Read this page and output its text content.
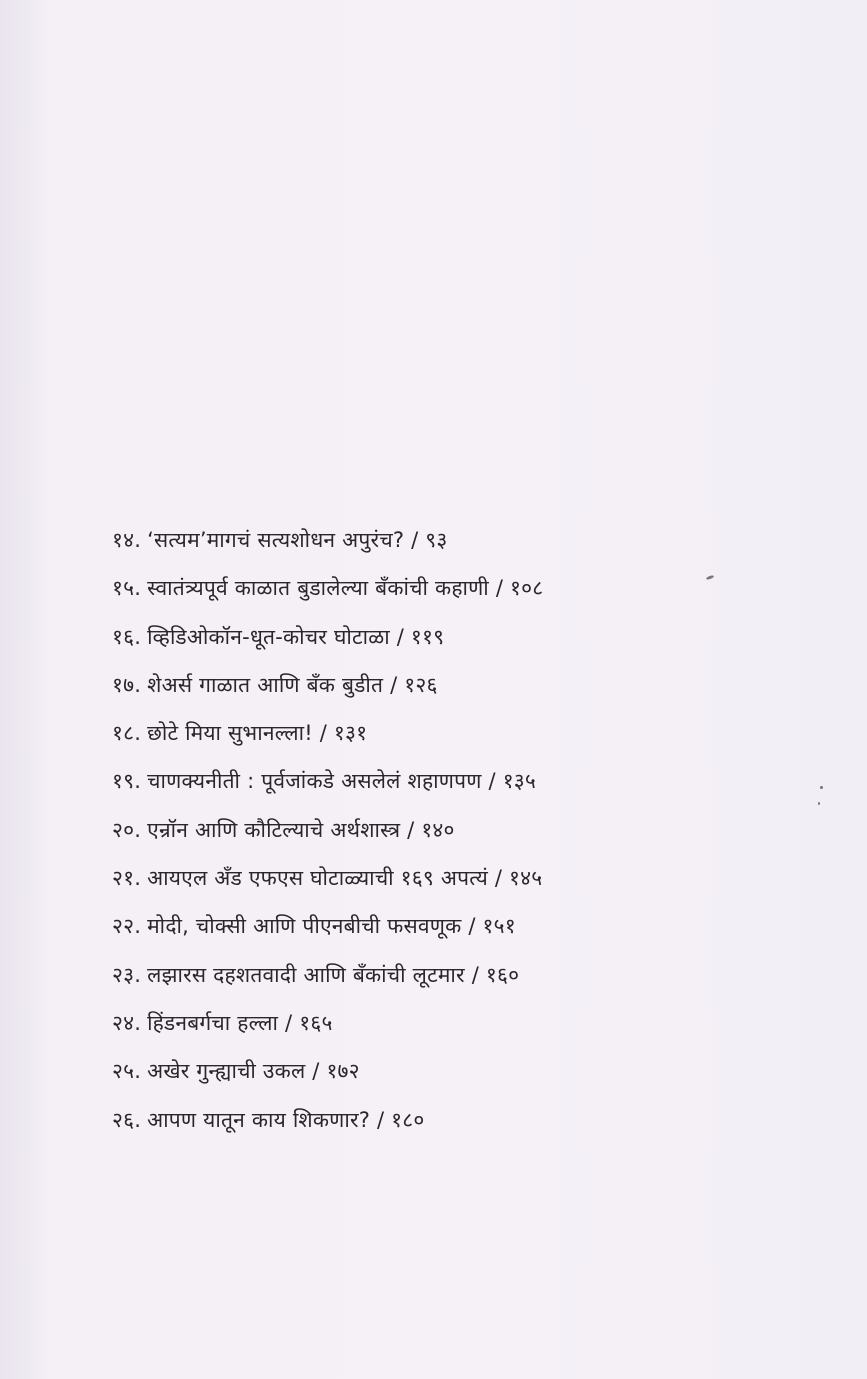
१४. ‘सत्यम’मागचं सत्यशोधन अपुरंच? / ९३
१५. स्वातंत्र्यपूर्व काळात बुडालेल्या बँकांची कहाणी / १०८
१६. व्हिडिओकॉन-धूत-कोचर घोटाळा / ११९
१७. शेअर्स गाळात आणि बँक बुडीत / १२६
१८. छोटे मिया सुभानल्ला! / १३१
१९. चाणक्यनीती : पूर्वजांकडे असलेलं शहाणपण / १३५
२०. एन्रॉन आणि कौटिल्याचे अर्थशास्त्र / १४०
२१. आयएल अँड एफएस घोटाळ्याची १६९ अपत्यं / १४५
२२. मोदी, चोक्सी आणि पीएनबीची फसवणूक / १५१
२३. लझारस दहशतवादी आणि बँकांची लूटमार / १६०
२४. हिंडनबर्गचा हल्ला / १६५
२५. अखेर गुन्ह्याची उकल / १७२
२६. आपण यातून काय शिकणार? / १८०
